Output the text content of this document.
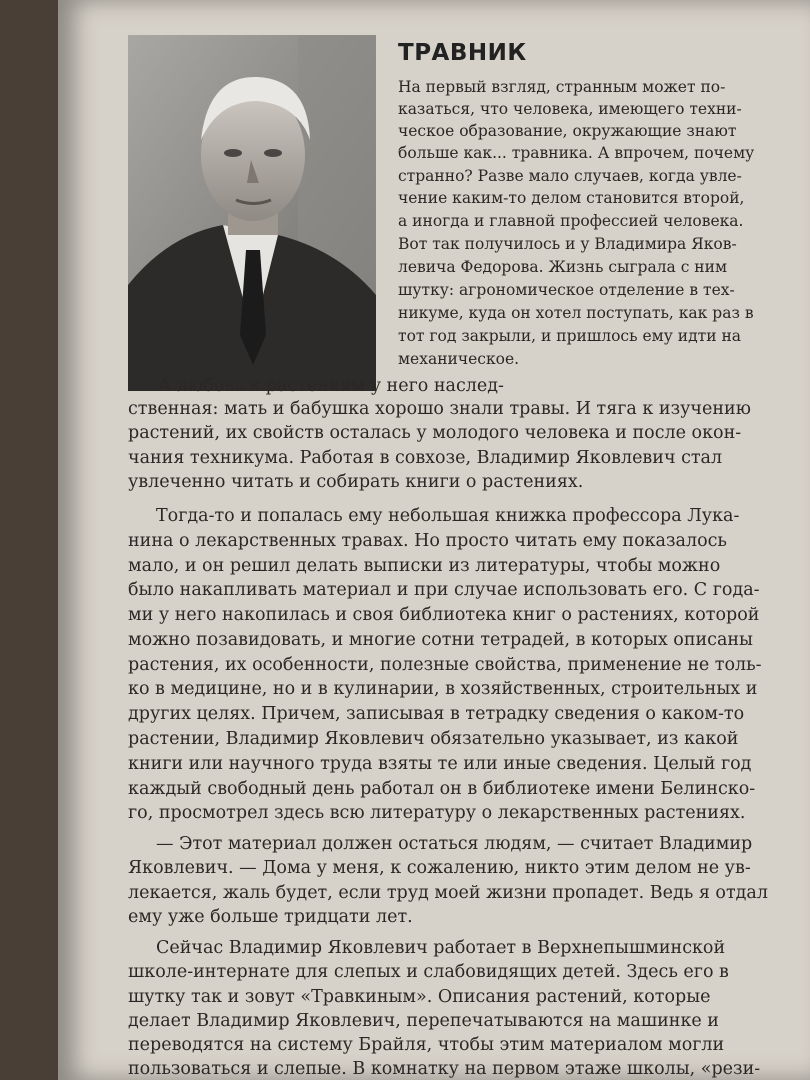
ТРАВНИК
На первый взгляд, странным может по-
казаться, что человека, имеющего техни-
ческое образование, окружающие знают
больше как... травника. А впрочем, почему
странно? Разве мало случаев, когда увле-
чение каким-то делом становится второй,
а иногда и главной профессией человека.
Вот так получилось и у Владимира Яков-
левича Федорова. Жизнь сыграла с ним
шутку: агрономическое отделение в тех-
никуме, куда он хотел поступать, как раз в
тот год закрыли, и пришлось ему идти на
механическое.
А любовь к растениям у него наслед-
ственная: мать и бабушка хорошо знали травы. И тяга к изучению
растений, их свойств осталась у молодого человека и после окон-
чания техникума. Работая в совхозе, Владимир Яковлевич стал
увлеченно читать и собирать книги о растениях.
Тогда-то и попалась ему небольшая книжка профессора Лука-
нина о лекарственных травах. Но просто читать ему показалось
мало, и он решил делать выписки из литературы, чтобы можно
было накапливать материал и при случае использовать его. С года-
ми у него накопилась и своя библиотека книг о растениях, которой
можно позавидовать, и многие сотни тетрадей, в которых описаны
растения, их особенности, полезные свойства, применение не толь-
ко в медицине, но и в кулинарии, в хозяйственных, строительных и
других целях. Причем, записывая в тетрадку сведения о каком-то
растении, Владимир Яковлевич обязательно указывает, из какой
книги или научного труда взяты те или иные сведения. Целый год
каждый свободный день работал он в библиотеке имени Белинско-
го, просмотрел здесь всю литературу о лекарственных растениях.
— Этот материал должен остаться людям, — считает Владимир
Яковлевич. — Дома у меня, к сожалению, никто этим делом не ув-
лекается, жаль будет, если труд моей жизни пропадет. Ведь я отдал
ему уже больше тридцати лет.
Сейчас Владимир Яковлевич работает в Верхнепышминской
школе-интернате для слепых и слабовидящих детей. Здесь его в
шутку так и зовут «Травкиным». Описания растений, которые
делает Владимир Яковлевич, перепечатываются на машинке и
переводятся на систему Брайля, чтобы этим материалом могли
пользоваться и слепые. В комнатку на первом этаже школы, «рези-
